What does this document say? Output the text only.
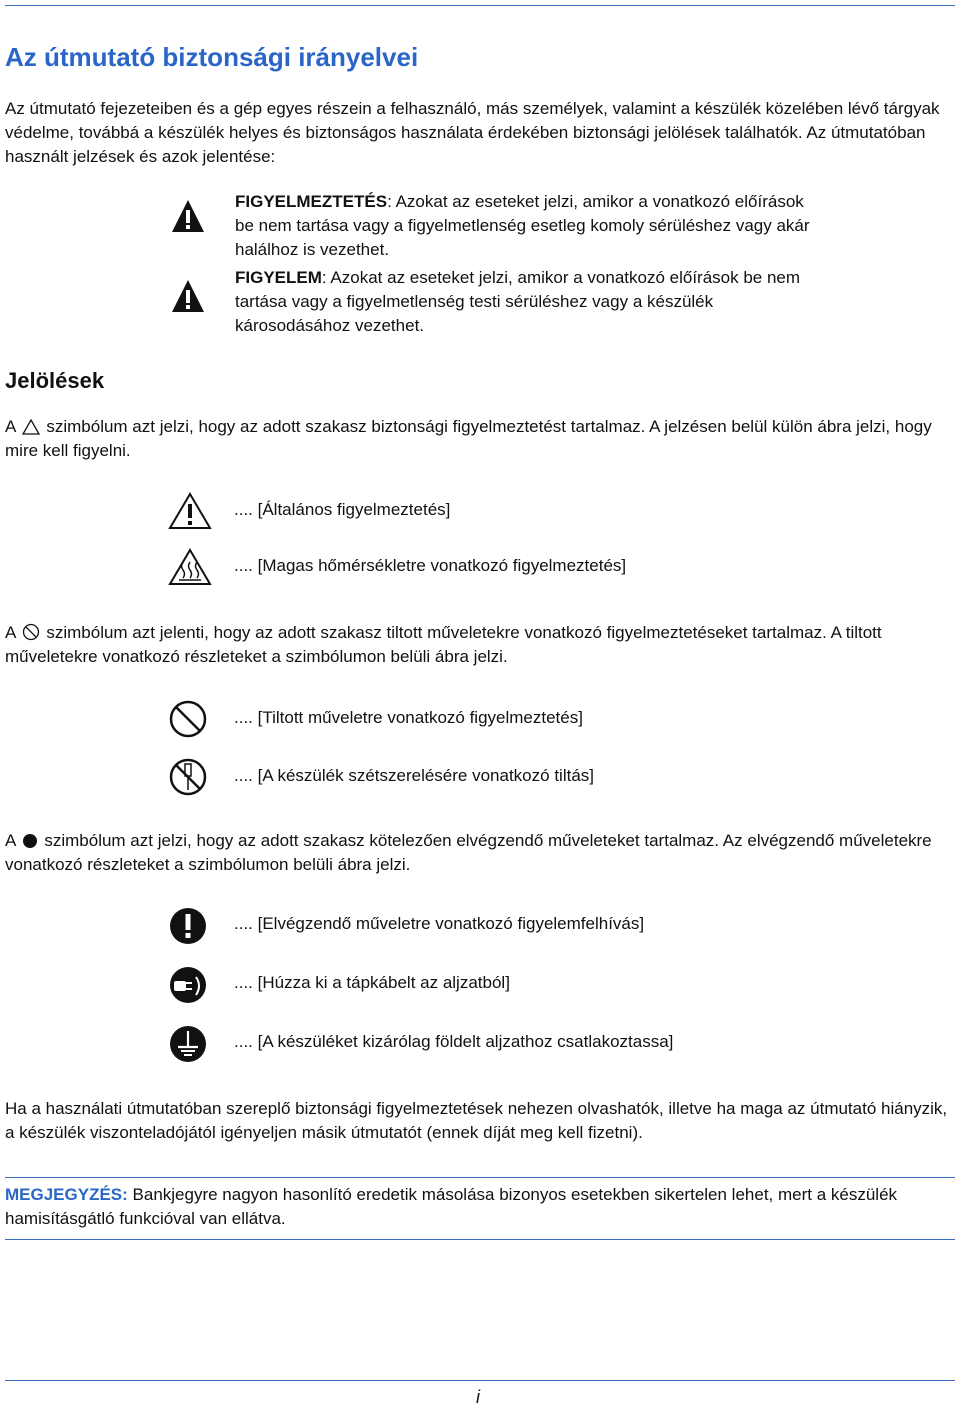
Az útmutató biztonsági irányelvei
Az útmutató fejezeteiben és a gép egyes részein a felhasználó, más személyek, valamint a készülék közelében lévő tárgyak védelme, továbbá a készülék helyes és biztonságos használata érdekében biztonsági jelölések találhatók. Az útmutatóban használt jelzések és azok jelentése:

FIGYELMEZTETÉS: Azokat az eseteket jelzi, amikor a vonatkozó előírások be nem tartása vagy a figyelmetlenség esetleg komoly sérüléshez vagy akár halálhoz is vezethet.

FIGYELEM: Azokat az eseteket jelzi, amikor a vonatkozó előírások be nem tartása vagy a figyelmetlenség testi sérüléshez vagy a készülék károsodásához vezethet.

Jelölések
A szimbólum azt jelzi, hogy az adott szakasz biztonsági figyelmeztetést tartalmaz. A jelzésen belül külön ábra jelzi, hogy mire kell figyelni.
.... [Általános figyelmeztetés]
.... [Magas hőmérsékletre vonatkozó figyelmeztetés]
A szimbólum azt jelenti, hogy az adott szakasz tiltott műveletekre vonatkozó figyelmeztetéseket tartalmaz. A tiltott műveletekre vonatkozó részleteket a szimbólumon belüli ábra jelzi.
.... [Tiltott műveletre vonatkozó figyelmeztetés]
.... [A készülék szétszerelésére vonatkozó tiltás]
A szimbólum azt jelzi, hogy az adott szakasz kötelezően elvégzendő műveleteket tartalmaz. Az elvégzendő műveletekre vonatkozó részleteket a szimbólumon belüli ábra jelzi.
.... [Elvégzendő műveletre vonatkozó figyelemfelhívás]
.... [Húzza ki a tápkábelt az aljzatból]
.... [A készüléket kizárólag földelt aljzathoz csatlakoztassa]
Ha a használati útmutatóban szereplő biztonsági figyelmeztetések nehezen olvashatók, illetve ha maga az útmutató hiányzik, a készülék viszonteladójától igényeljen másik útmutatót (ennek díját meg kell fizetni).
MEGJEGYZÉS: Bankjegyre nagyon hasonlító eredetik másolása bizonyos esetekben sikertelen lehet, mert a készülék hamisításgátló funkcióval van ellátva.
i
